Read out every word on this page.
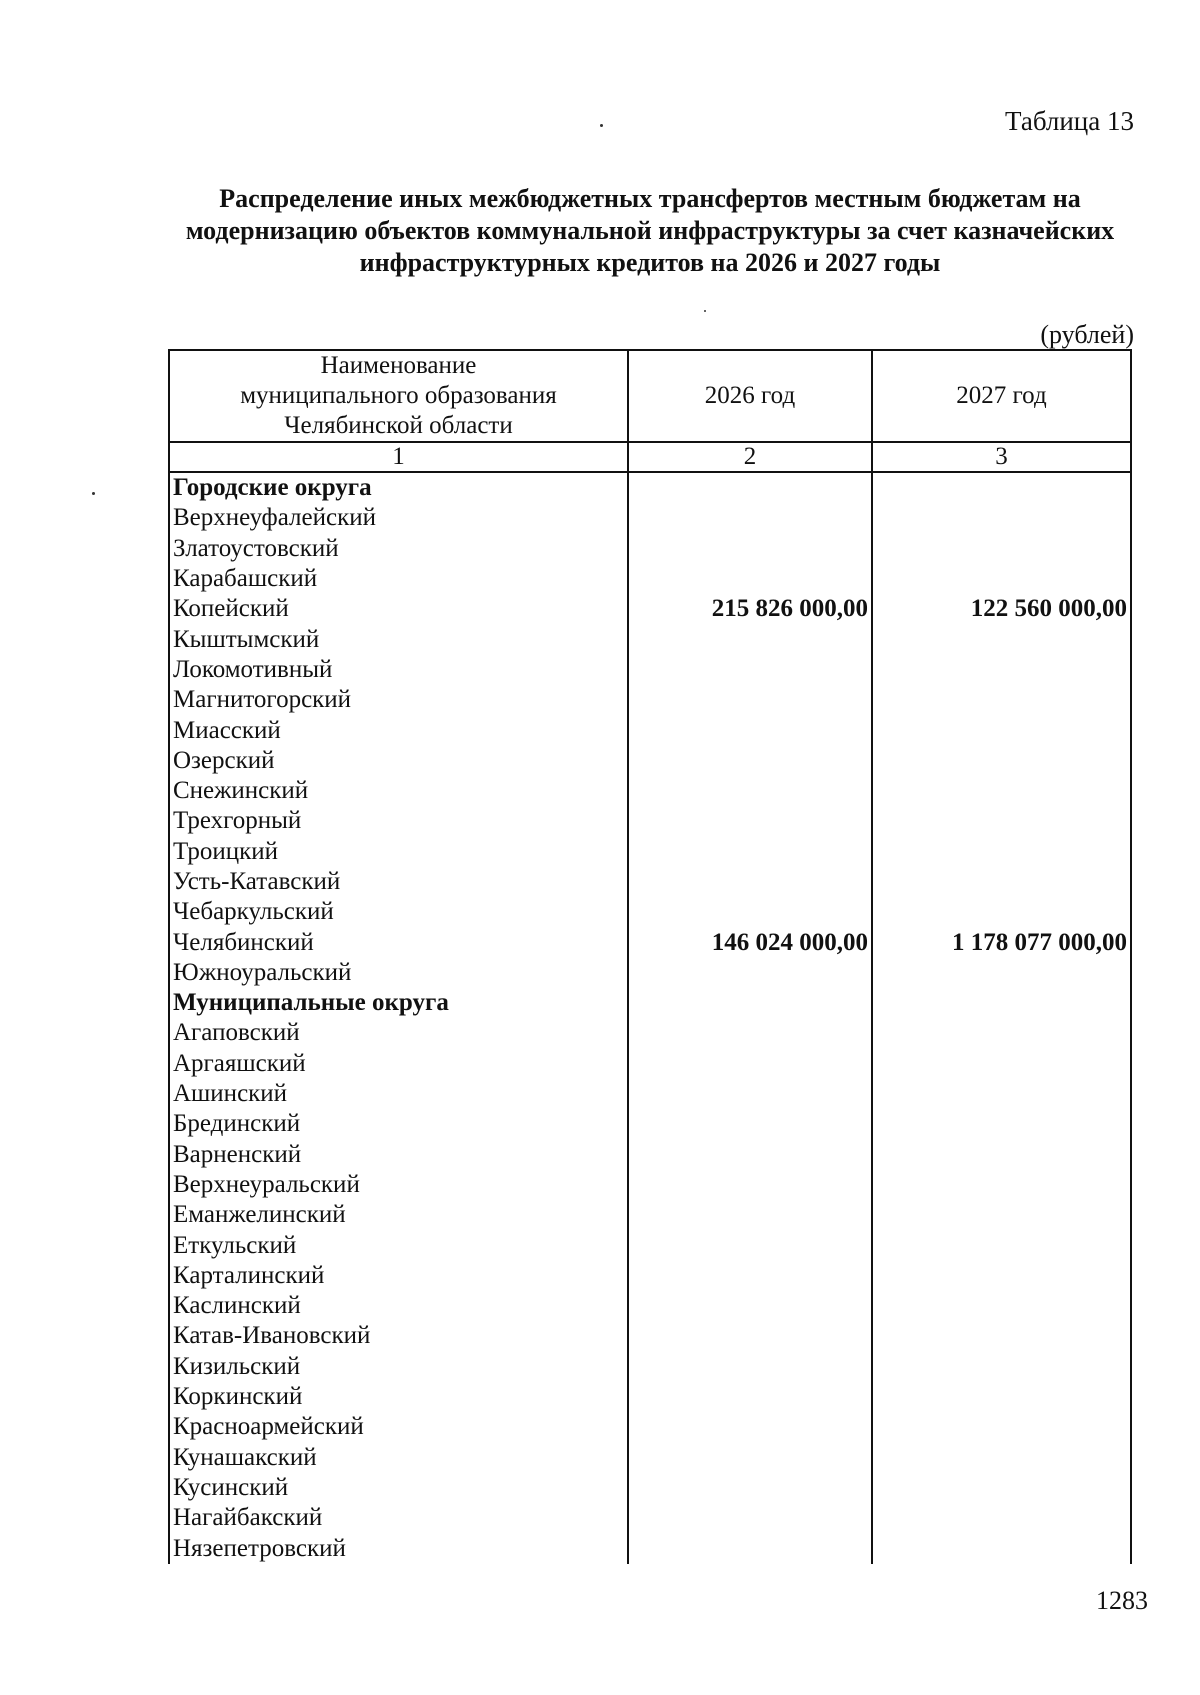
Таблица 13
Распределение иных межбюджетных трансфертов местным бюджетам на
модернизацию объектов коммунальной инфраструктуры за счет казначейских
инфраструктурных кредитов на 2026 и 2027 годы
(рублей)
Наименование
муниципального образования
Челябинской области	2026 год	2027 год
1	2	3
Городские округа		
Верхнеуфалейский		
Златоустовский		
Карабашский		
Копейский	215 826 000,00	122 560 000,00
Кыштымский		
Локомотивный		
Магнитогорский		
Миасский		
Озерский		
Снежинский		
Трехгорный		
Троицкий		
Усть-Катавский		
Чебаркульский		
Челябинский	146 024 000,00	1 178 077 000,00
Южноуральский		
Муниципальные округа		
Агаповский		
Аргаяшский		
Ашинский		
Брединский		
Варненский		
Верхнеуральский		
Еманжелинский		
Еткульский		
Карталинский		
Каслинский		
Катав-Ивановский		
Кизильский		
Коркинский		
Красноармейский		
Кунашакский		
Кусинский		
Нагайбакский		
Нязепетровский		
1283
